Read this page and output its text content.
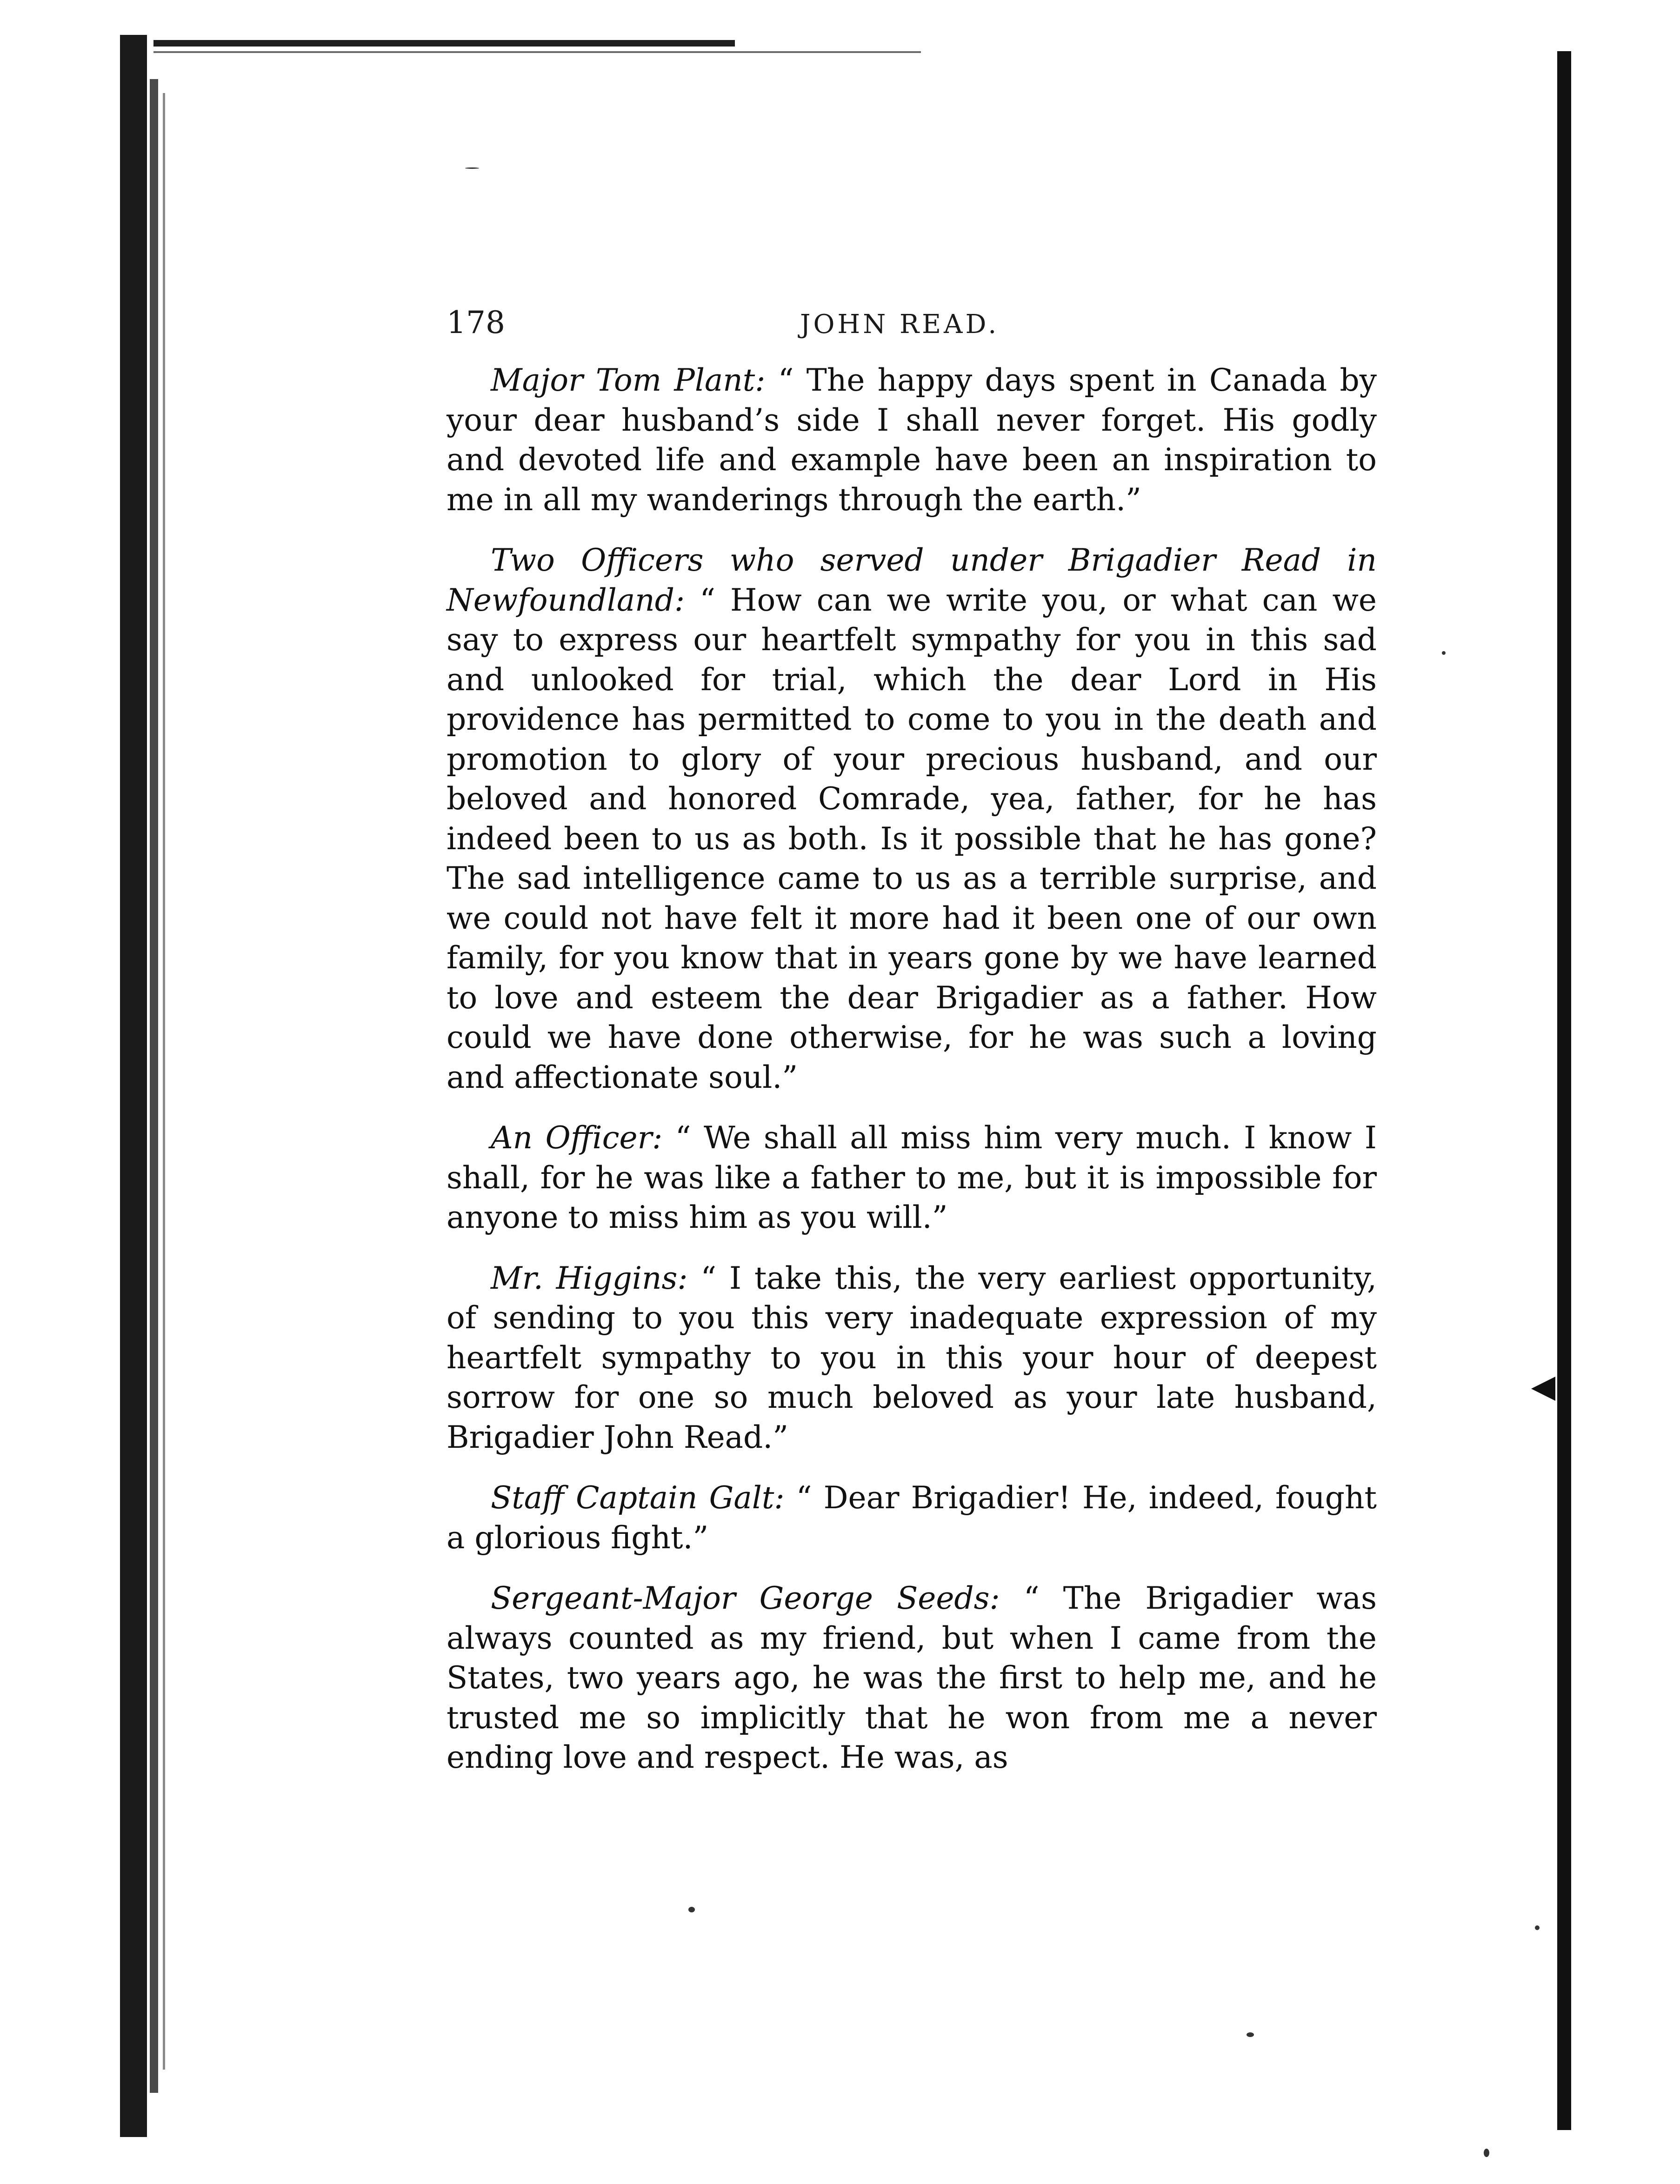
178	JOHN READ.

Major Tom Plant: “ The happy days spent in Canada by your dear husband’s side I shall never forget. His godly and devoted life and example have been an inspiration to me in all my wanderings through the earth.”

Two Officers who served under Brigadier Read in Newfoundland: “ How can we write you, or what can we say to express our heartfelt sympathy for you in this sad and unlooked for trial, which the dear Lord in His providence has permitted to come to you in the death and promotion to glory of your precious husband, and our beloved and honored Comrade, yea, father, for he has indeed been to us as both. Is it possible that he has gone? The sad intelligence came to us as a terrible surprise, and we could not have felt it more had it been one of our own family, for you know that in years gone by we have learned to love and esteem the dear Brigadier as a father. How could we have done otherwise, for he was such a loving and affectionate soul.”

An Officer: “ We shall all miss him very much. I know I shall, for he was like a father to me, but it is impossible for anyone to miss him as you will.”

Mr. Higgins: “ I take this, the very earliest opportunity, of sending to you this very inadequate expression of my heartfelt sympathy to you in this your hour of deepest sorrow for one so much beloved as your late husband, Brigadier John Read.”

Staff Captain Galt: “ Dear Brigadier! He, indeed, fought a glorious fight.”

Sergeant-Major George Seeds: “ The Brigadier was always counted as my friend, but when I came from the States, two years ago, he was the first to help me, and he trusted me so implicitly that he won from me a never ending love and respect. He was, as
